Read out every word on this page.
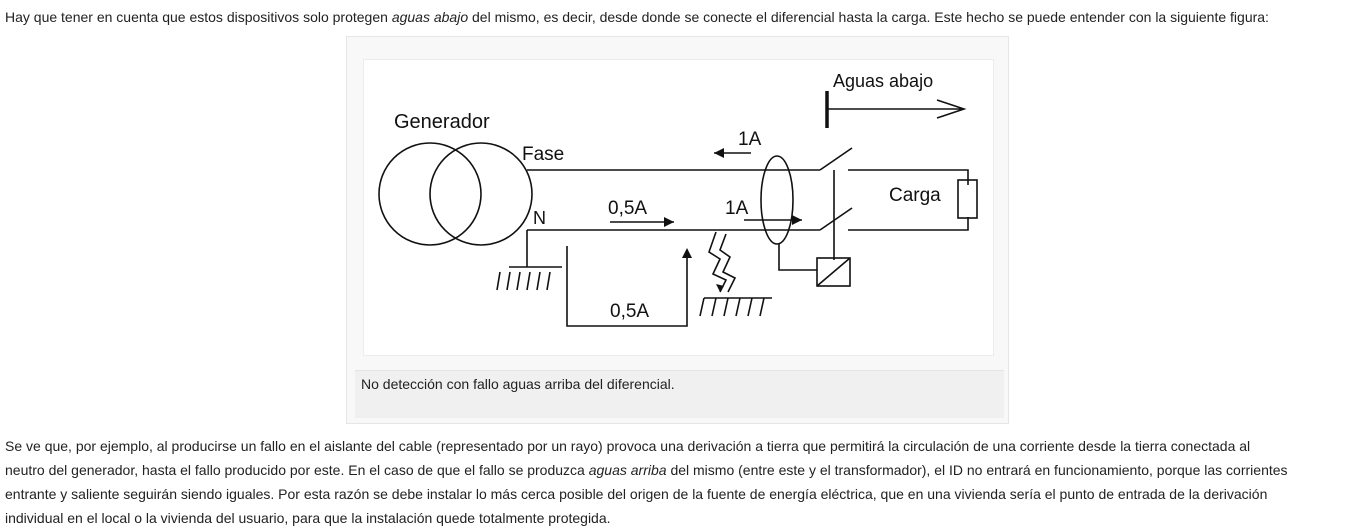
Hay que tener en cuenta que estos dispositivos solo protegen aguas abajo del mismo, es decir, desde donde se conecte el diferencial hasta la carga. Este hecho se puede entender con la siguiente figura:
Aguas abajo
Generador
Fase
N
Carga
1A
1A
0,5A
0,5A
No detección con fallo aguas arriba del diferencial.
Se ve que, por ejemplo, al producirse un fallo en el aislante del cable (representado por un rayo) provoca una derivación a tierra que permitirá la circulación de una corriente desde la tierra conectada al
neutro del generador, hasta el fallo producido por este. En el caso de que el fallo se produzca aguas arriba del mismo (entre este y el transformador), el ID no entrará en funcionamiento, porque las corrientes
entrante y saliente seguirán siendo iguales. Por esta razón se debe instalar lo más cerca posible del origen de la fuente de energía eléctrica, que en una vivienda sería el punto de entrada de la derivación
individual en el local o la vivienda del usuario, para que la instalación quede totalmente protegida.
